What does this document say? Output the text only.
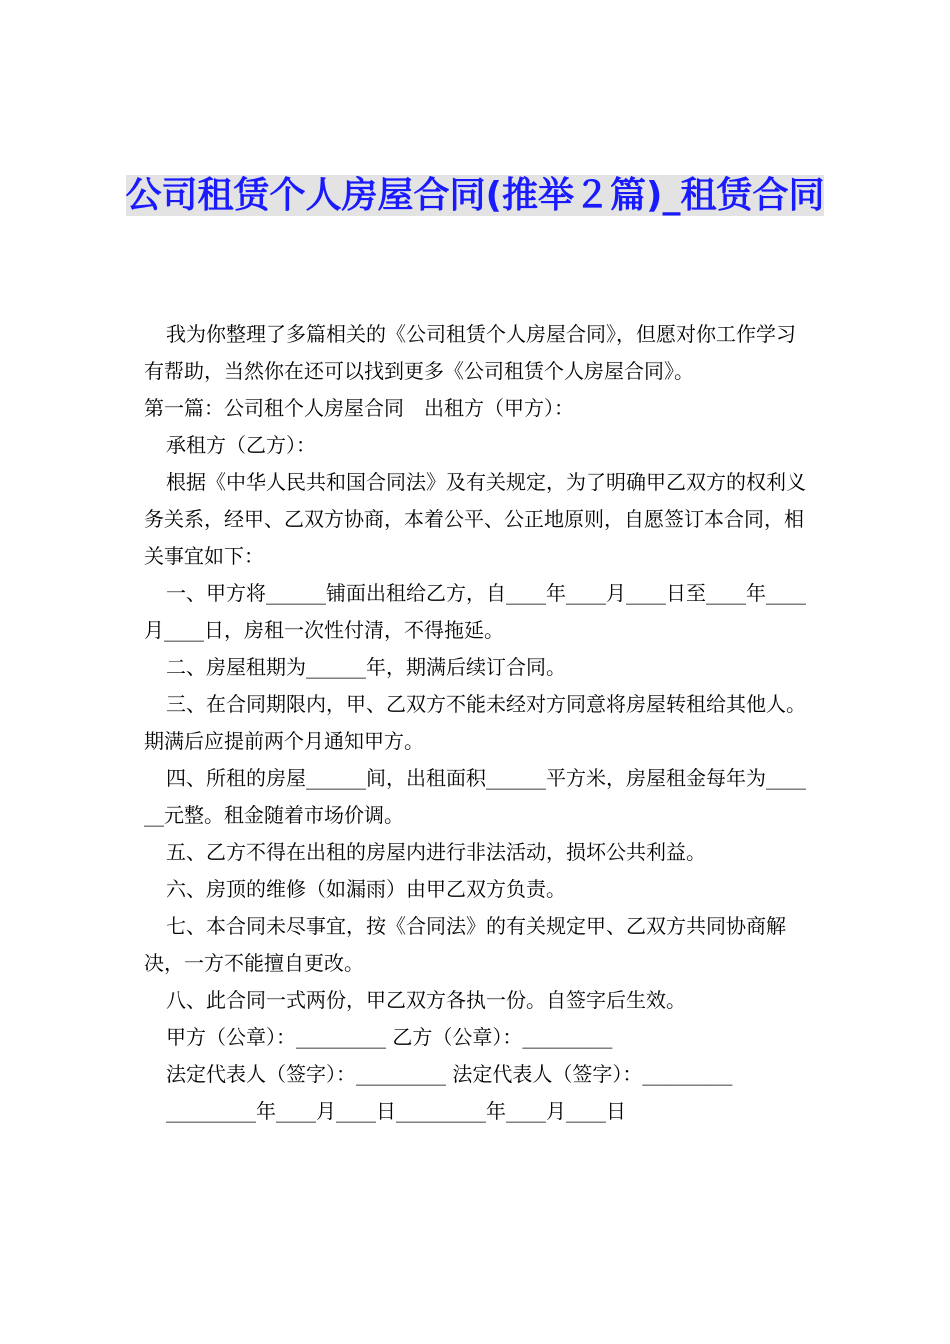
公司租赁个人房屋合同(推举２篇)_租赁合同

我为你整理了多篇相关的《公司租赁个人房屋合同》，但愿对你工作学习有帮助，当然你在还可以找到更多《公司租赁个人房屋合同》。

第一篇：公司租个人房屋合同　出租方（甲方）：

承租方（乙方）：

根据《中华人民共和国合同法》及有关规定，为了明确甲乙双方的权利义务关系，经甲、乙双方协商，本着公平、公正地原则，自愿签订本合同，相关事宜如下：

一、甲方将______铺面出租给乙方，自____年____月____日至____年____月____日，房租一次性付清，不得拖延。

二、房屋租期为______年，期满后续订合同。

三、在合同期限内，甲、乙双方不能未经对方同意将房屋转租给其他人。期满后应提前两个月通知甲方。

四、所租的房屋______间，出租面积______平方米，房屋租金每年为______元整。租金随着市场价调。

五、乙方不得在出租的房屋内进行非法活动，损坏公共利益。

六、房顶的维修（如漏雨）由甲乙双方负责。

七、本合同未尽事宜，按《合同法》的有关规定甲、乙双方共同协商解决，一方不能擅自更改。

八、此合同一式两份，甲乙双方各执一份。自签字后生效。

甲方（公章）：_________ 乙方（公章）：_________

法定代表人（签字）：_________ 法定代表人（签字）：_________

_________年____月____日_________年____月____日
